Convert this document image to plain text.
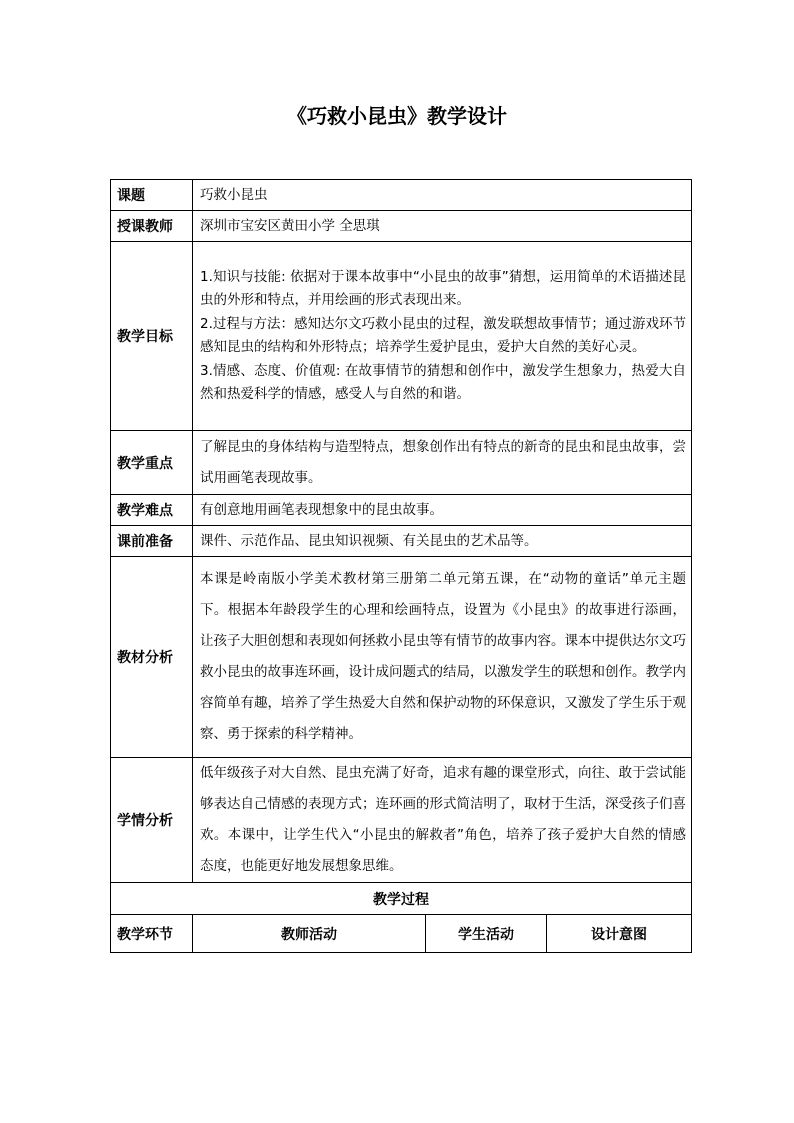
《巧救小昆虫》教学设计
课题	巧救小昆虫		
授课教师	深圳市宝安区黄田小学 全思琪		
教学目标	1.知识与技能: 依据对于课本故事中“小昆虫的故事”猜想，运用简单的术语描述昆虫的外形和特点，并用绘画的形式表现出来。

2.过程与方法：感知达尔文巧救小昆虫的过程，激发联想故事情节；通过游戏环节感知昆虫的结构和外形特点；培养学生爱护昆虫，爱护大自然的美好心灵。

3.情感、态度、价值观: 在故事情节的猜想和创作中，激发学生想象力，热爱大自然和热爱科学的情感，感受人与自然的和谐。		

教学重点	了解昆虫的身体结构与造型特点，想象创作出有特点的新奇的昆虫和昆虫故事，尝试用画笔表现故事。		
教学难点	有创意地用画笔表现想象中的昆虫故事。		
课前准备	课件、示范作品、昆虫知识视频、有关昆虫的艺术品等。		
教材分析	本课是岭南版小学美术教材第三册第二单元第五课，在“动物的童话”单元主题下。根据本年龄段学生的心理和绘画特点，设置为《小昆虫》的故事进行添画， 让孩子大胆创想和表现如何拯救小昆虫等有情节的故事内容。课本中提供达尔文巧救小昆虫的故事连环画，设计成问题式的结局，以激发学生的联想和创作。教学内容简单有趣，培养了学生热爱大自然和保护动物的环保意识，又激发了学生乐于观察、勇于探索的科学精神。		
学情分析	低年级孩子对大自然、昆虫充满了好奇，追求有趣的课堂形式，向往、敢于尝试能够表达自己情感的表现方式；连环画的形式简洁明了，取材于生活，深受孩子们喜欢。本课中，让学生代入“小昆虫的解救者”角色，培养了孩子爱护大自然的情感态度，也能更好地发展想象思维。		
教学过程			
教学环节	教师活动	学生活动	设计意图
